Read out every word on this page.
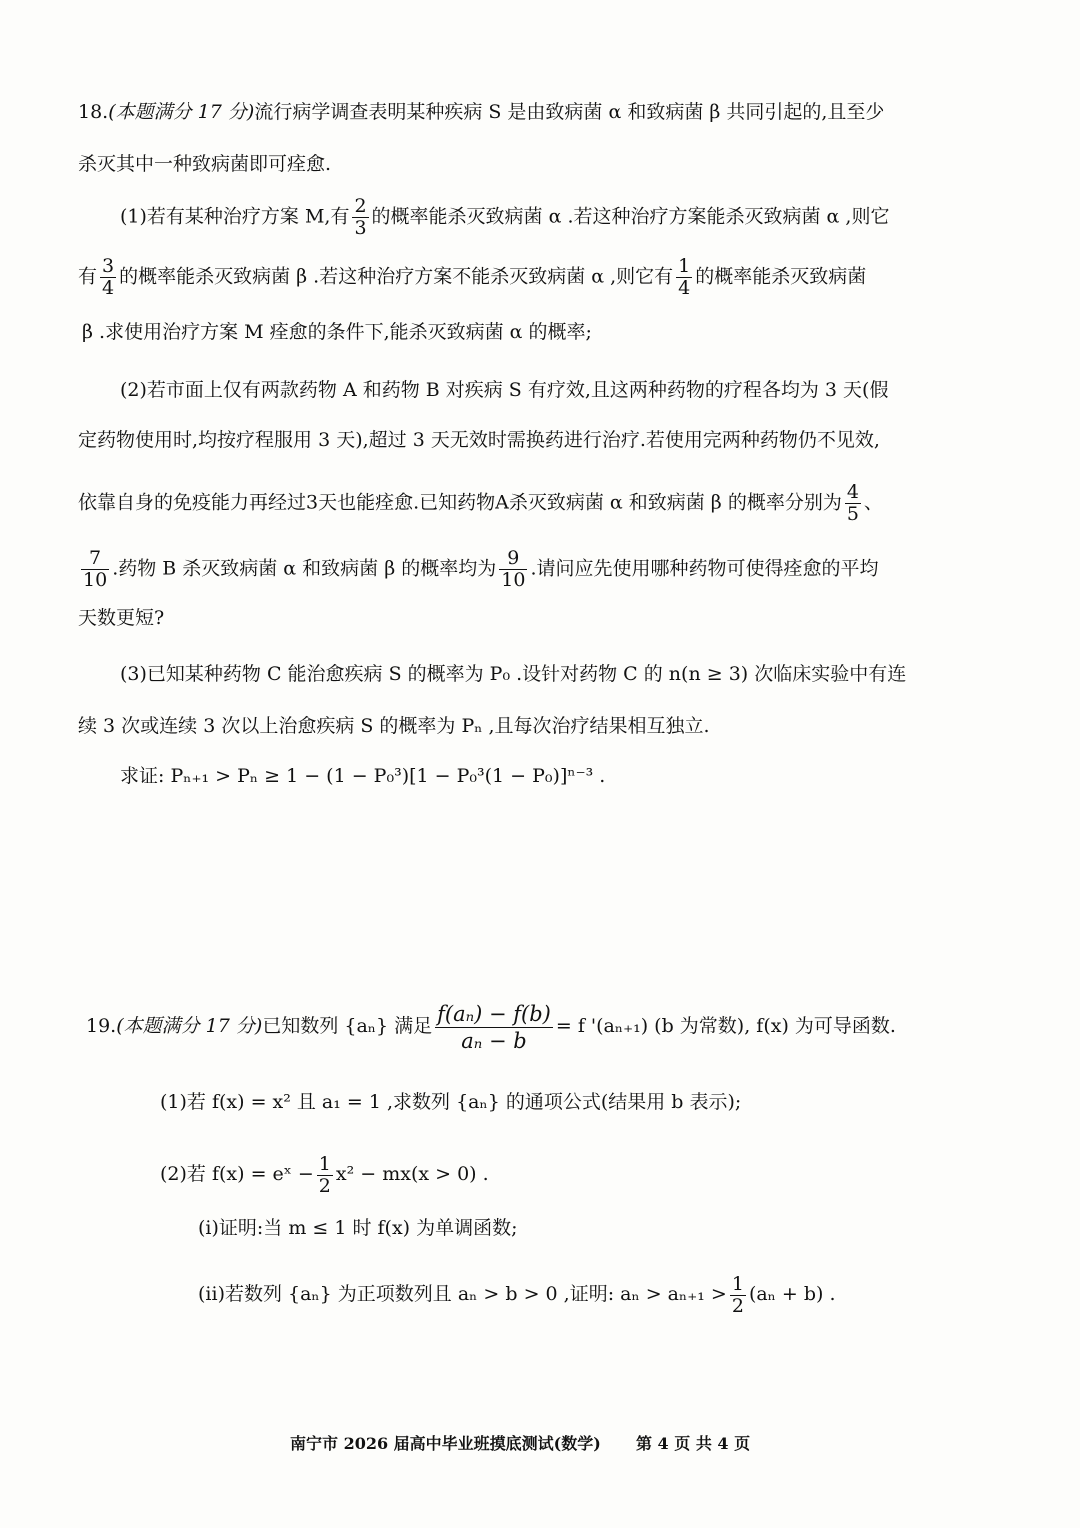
18.(本题满分 17 分)流行病学调查表明某种疾病 S 是由致病菌 α 和致病菌 β 共同引起的,且至少
杀灭其中一种致病菌即可痊愈.
(1)若有某种治疗方案 M,有 $\frac{2}{3}$ 的概率能杀灭致病菌 α .若这种治疗方案能杀灭致病菌 α ,则它
有 $\frac{3}{4}$ 的概率能杀灭致病菌 β .若这种治疗方案不能杀灭致病菌 α ,则它有 $\frac{1}{4}$ 的概率能杀灭致病菌
β .求使用治疗方案 M 痊愈的条件下,能杀灭致病菌 α 的概率;
(2)若市面上仅有两款药物 A 和药物 B 对疾病 S 有疗效,且这两种药物的疗程各均为 3 天(假
定药物使用时,均按疗程服用 3 天),超过 3 天无效时需换药进行治疗.若使用完两种药物仍不见效,
依靠自身的免疫能力再经过3天也能痊愈.已知药物A杀灭致病菌 α 和致病菌 β 的概率分别为 $\frac{4}{5}$ 、
$\frac{7}{10}$ .药物 B 杀灭致病菌 α 和致病菌 β 的概率均为 $\frac{9}{10}$ .请问应先使用哪种药物可使得痊愈的平均
天数更短?
(3)已知某种药物 C 能治愈疾病 S 的概率为 P₀ .设针对药物 C 的 n(n ≥ 3) 次临床实验中有连
续 3 次或连续 3 次以上治愈疾病 S 的概率为 Pₙ ,且每次治疗结果相互独立.
求证: Pₙ₊₁ > Pₙ ≥ 1 − (1 − P₀³)[1 − P₀³(1 − P₀)]ⁿ⁻³ .
19.(本题满分 17 分)已知数列 {aₙ} 满足 $\frac{\text{f(aₙ) − f(b)}}{\text{aₙ − b}} = f$ '(aₙ₊₁) (b 为常数), f(x) 为可导函数.
(1)若 f(x) = x² 且 a₁ = 1 ,求数列 {aₙ} 的通项公式(结果用 b 表示);
(2)若 f(x) = eˣ − $\frac{1}{2} x^2 - mx(x > 0)$ .
(i)证明:当 m ≤ 1 时 f(x) 为单调函数;
(ii)若数列 {aₙ} 为正项数列且 aₙ > b > 0 ,证明: $a_n > a_{n+1} > \frac{1}{2} (a_n + b)$ .
南宁市 2026 届高中毕业班摸底测试(数学) 第 4 页 共 4 页
